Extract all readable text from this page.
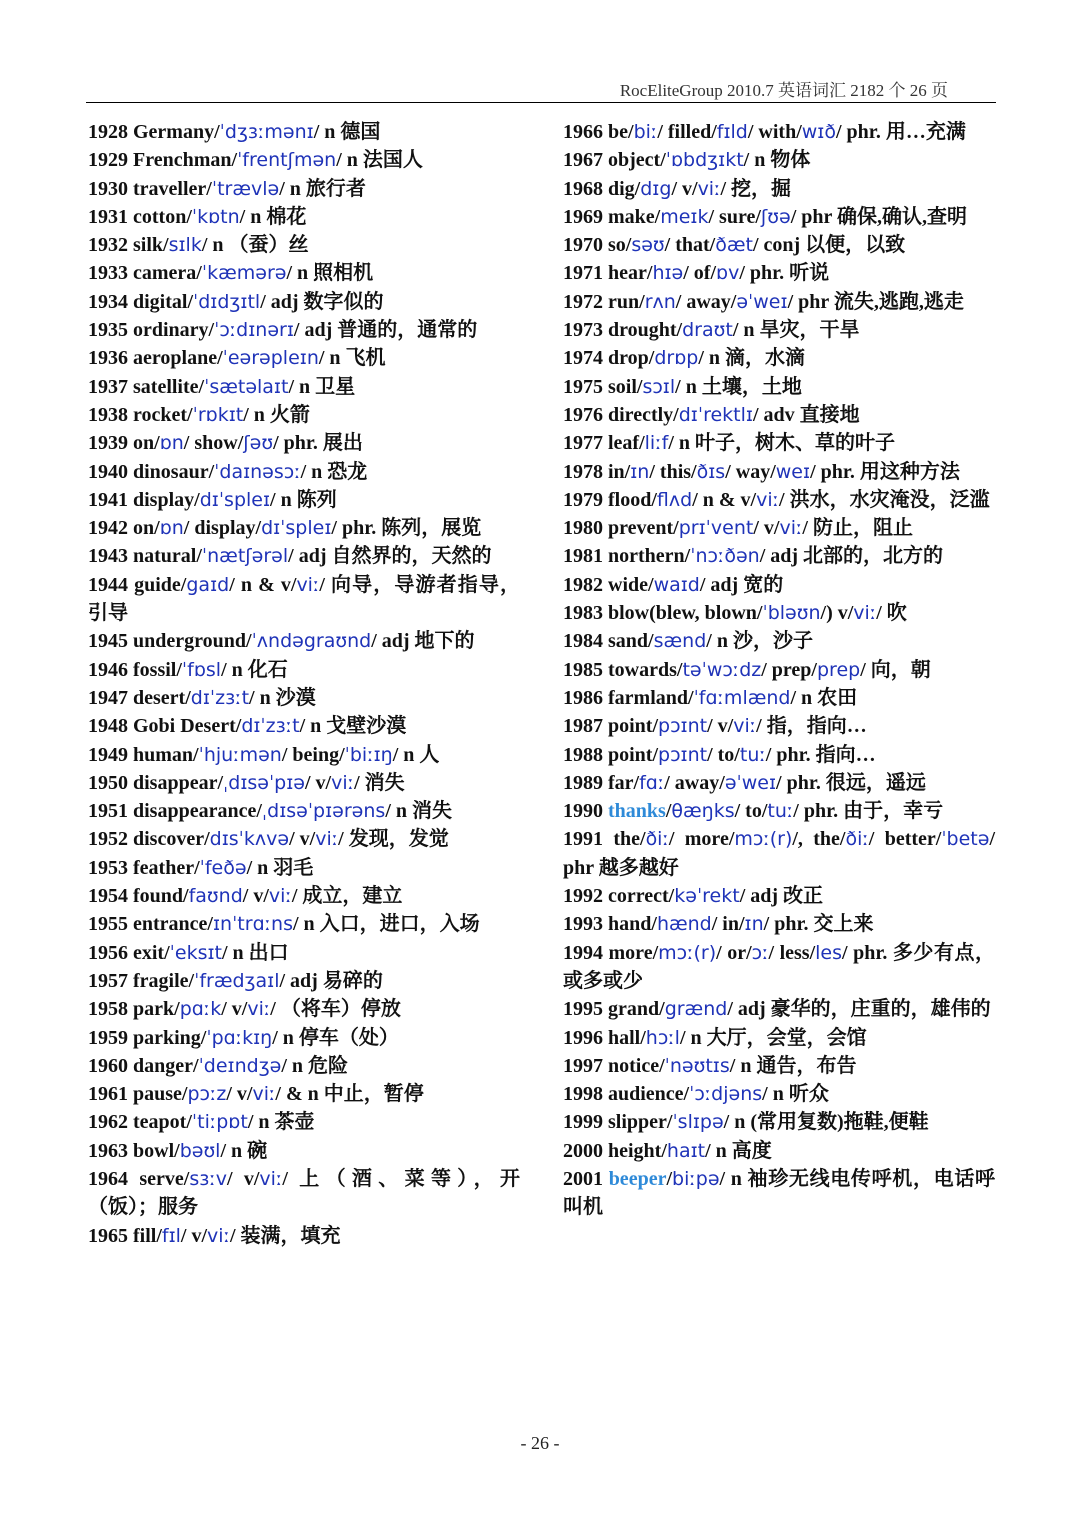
RocEliteGroup 2010.7 英语词汇 2182 个 26 页

1928 Germany/ˈdʒɜːmənɪ/ n 德国

1929 Frenchman/ˈfrentʃmən/ n 法国人

1930 traveller/ˈtrævlə/ n 旅行者

1931 cotton/ˈkɒtn/ n 棉花

1932 silk/sɪlk/ n （蚕）丝

1933 camera/ˈkæmərə/ n 照相机

1934 digital/ˈdɪdʒɪtl/ adj 数字似的

1935 ordinary/ˈɔːdɪnərɪ/ adj 普通的，通常的

1936 aeroplane/ˈeərəpleɪn/ n 飞机

1937 satellite/ˈsætəlaɪt/ n 卫星

1938 rocket/ˈrɒkɪt/ n 火箭

1939 on/ɒn/ show/ʃəʊ/ phr. 展出

1940 dinosaur/ˈdaɪnəsɔː/ n 恐龙

1941 display/dɪˈspleɪ/ n 陈列

1942 on/ɒn/ display/dɪˈspleɪ/ phr. 陈列，展览

1943 natural/ˈnætʃərəl/ adj 自然界的，天然的

1944 guide/gaɪd/ n & v/viː/ 向导，导游者指导，引导

1945 underground/ˈʌndəgraʊnd/ adj 地下的

1946 fossil/ˈfɒsl/ n 化石

1947 desert/dɪˈzɜːt/ n 沙漠

1948 Gobi Desert/dɪˈzɜːt/ n 戈壁沙漠

1949 human/ˈhjuːmən/ being/ˈbiːɪŋ/ n 人

1950 disappear/ˌdɪsəˈpɪə/ v/viː/ 消失

1951 disappearance/ˌdɪsəˈpɪərəns/ n 消失

1952 discover/dɪsˈkʌvə/ v/viː/ 发现，发觉

1953 feather/ˈfeðə/ n 羽毛

1954 found/faʊnd/ v/viː/ 成立，建立

1955 entrance/ɪnˈtrɑːns/ n 入口，进口，入场

1956 exit/ˈeksɪt/ n 出口

1957 fragile/ˈfrædʒaɪl/ adj 易碎的

1958 park/pɑːk/ v/viː/ （将车）停放

1959 parking/ˈpɑːkɪŋ/ n 停车（处）

1960 danger/ˈdeɪndʒə/ n 危险

1961 pause/pɔːz/ v/viː/ & n 中止，暂停

1962 teapot/ˈtiːpɒt/ n 茶壶

1963 bowl/bəʊl/ n 碗

1964 serve/sɜːv/ v/viː/ 上（酒、菜等），开（饭）；服务

1965 fill/fɪl/ v/viː/ 装满，填充

1966 be/biː/ filled/fɪld/ with/wɪð/ phr. 用…充满

1967 object/ˈɒbdʒɪkt/ n 物体

1968 dig/dɪg/ v/viː/ 挖，掘

1969 make/meɪk/ sure/ʃʊə/ phr 确保,确认,查明

1970 so/səʊ/ that/ðæt/ conj 以便，以致

1971 hear/hɪə/ of/ɒv/ phr. 听说

1972 run/rʌn/ away/əˈweɪ/ phr 流失,逃跑,逃走

1973 drought/draʊt/ n 旱灾，干旱

1974 drop/drɒp/ n 滴，水滴

1975 soil/sɔɪl/ n 土壤，土地

1976 directly/dɪˈrektlɪ/ adv 直接地

1977 leaf/liːf/ n 叶子，树木、草的叶子

1978 in/ɪn/ this/ðɪs/ way/weɪ/ phr. 用这种方法

1979 flood/flʌd/ n & v/viː/ 洪水，水灾淹没，泛滥

1980 prevent/prɪˈvent/ v/viː/ 防止，阻止

1981 northern/ˈnɔːðən/ adj 北部的，北方的

1982 wide/waɪd/ adj 宽的

1983 blow(blew, blown/ˈbləʊn/) v/viː/ 吹

1984 sand/sænd/ n 沙，沙子

1985 towards/təˈwɔːdz/ prep/prep/ 向，朝

1986 farmland/ˈfɑːmlænd/ n 农田

1987 point/pɔɪnt/ v/viː/ 指，指向…

1988 point/pɔɪnt/ to/tuː/ phr. 指向…

1989 far/fɑː/ away/əˈweɪ/ phr. 很远，遥远

1990 thanks/θæŋks/ to/tuː/ phr. 由于，幸亏

1991 the/ðiː/ more/mɔː(r)/, the/ðiː/ better/ˈbetə/ phr 越多越好

1992 correct/kəˈrekt/ adj 改正

1993 hand/hænd/ in/ɪn/ phr. 交上来

1994 more/mɔː(r)/ or/ɔː/ less/les/ phr. 多少有点，或多或少

1995 grand/grænd/ adj 豪华的，庄重的，雄伟的

1996 hall/hɔːl/ n 大厅，会堂，会馆

1997 notice/ˈnəʊtɪs/ n 通告，布告

1998 audience/ˈɔːdjəns/ n 听众

1999 slipper/ˈslɪpə/ n (常用复数)拖鞋,便鞋

2000 height/haɪt/ n 高度

2001 beeper/biːpə/ n 袖珍无线电传呼机，电话呼叫机

- 26 -
